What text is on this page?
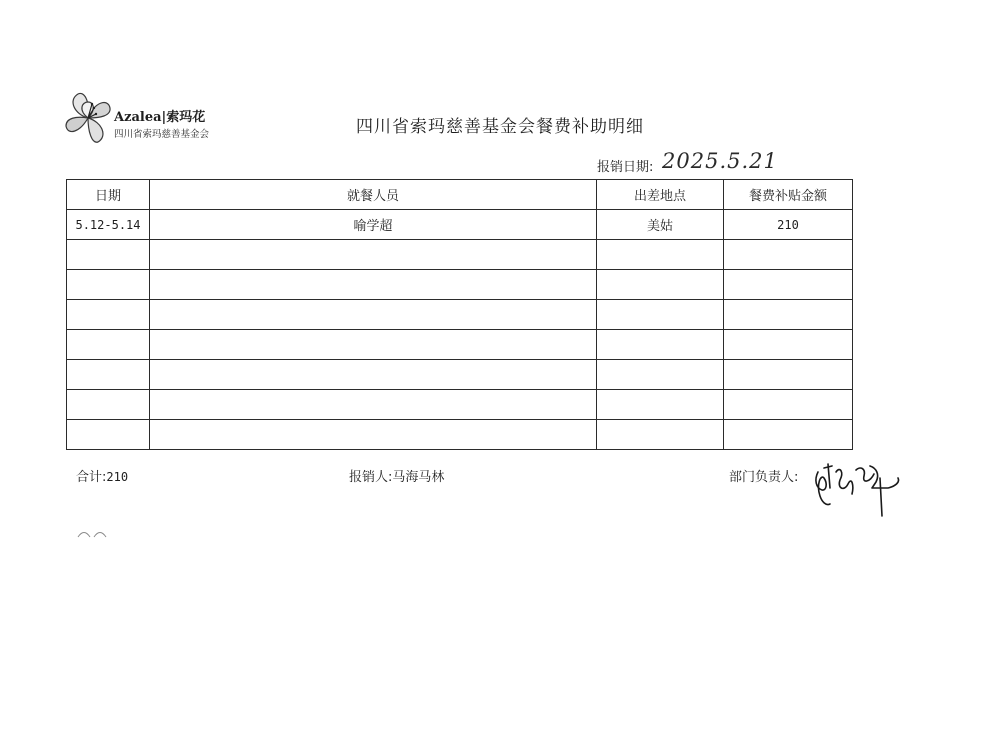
Azalea|索玛花
四川省索玛慈善基金会	四川省索玛慈善基金会餐费补助明细
报销日期: 2025.5.21
日期	就餐人员	出差地点	餐费补贴金额
5.12-5.14	喻学超	美姑	210

合计:210	报销人:马海马林	部门负责人:
